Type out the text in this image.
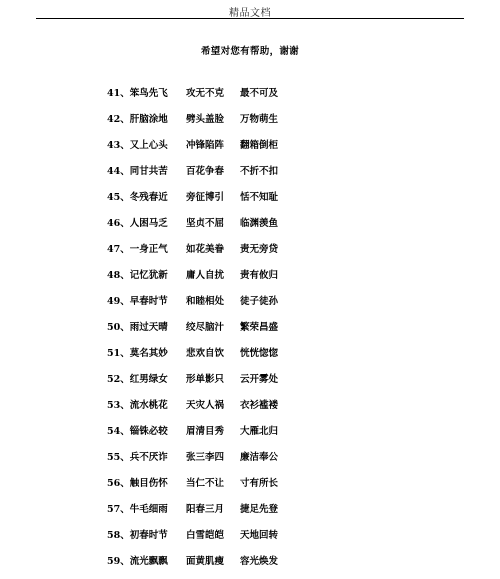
精品文档
希望对您有帮助，谢谢
41、笨鸟先飞 攻无不克 最不可及
42、肝脑涂地 劈头盖脸 万物萌生
43、又上心头 冲锋陷阵 翻箱倒柜
44、同甘共苦 百花争春 不折不扣
45、冬残春近 旁征博引 恬不知耻
46、人困马乏 坚贞不屈 临渊羡鱼
47、一身正气 如花美眷 责无旁贷
48、记忆犹新 庸人自扰 责有攸归
49、早春时节 和睦相处 徒子徒孙
50、雨过天晴 绞尽脑汁 繁荣昌盛
51、莫名其妙 悲欢自饮 恍恍惚惚
52、红男绿女 形单影只 云开雾处
53、流水桃花 天灾人祸 衣衫褴褛
54、锱铢必较 眉清目秀 大雁北归
55、兵不厌诈 张三李四 廉洁奉公
56、触目伤怀 当仁不让 寸有所长
57、牛毛细雨 阳春三月 捷足先登
58、初春时节 白雪皑皑 天地回转
59、流光飘飘 面黄肌瘦 容光焕发
